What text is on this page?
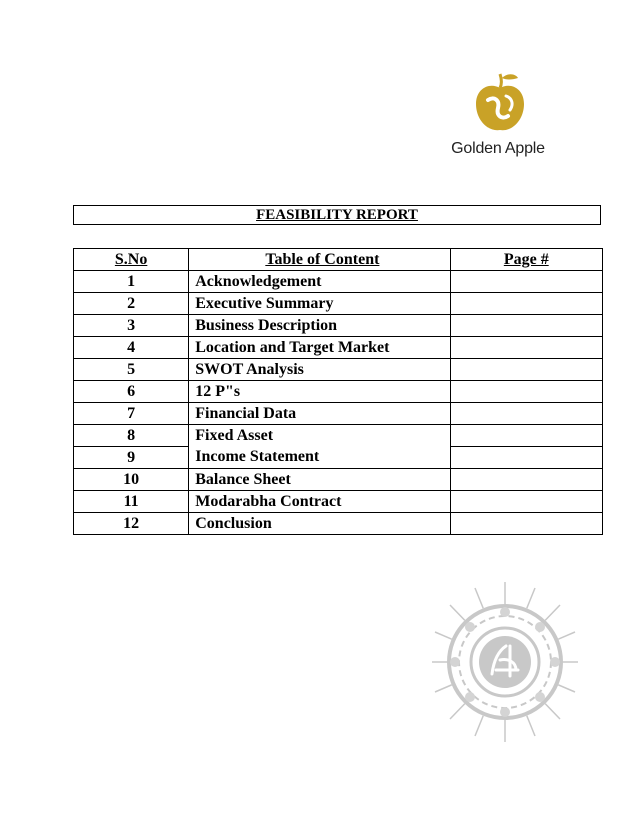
Golden Apple
FEASIBILITY REPORT
S.No	Table of Content	Page #
1	Acknowledgement	
2	Executive Summary	
3	Business Description	
4	Location and Target Market	
5	SWOT Analysis	
6	12 P"s	
7	Financial Data	
8	Fixed Asset	
9	Income Statement	
10	Balance Sheet	
11	Modarabha Contract	
12	Conclusion	
